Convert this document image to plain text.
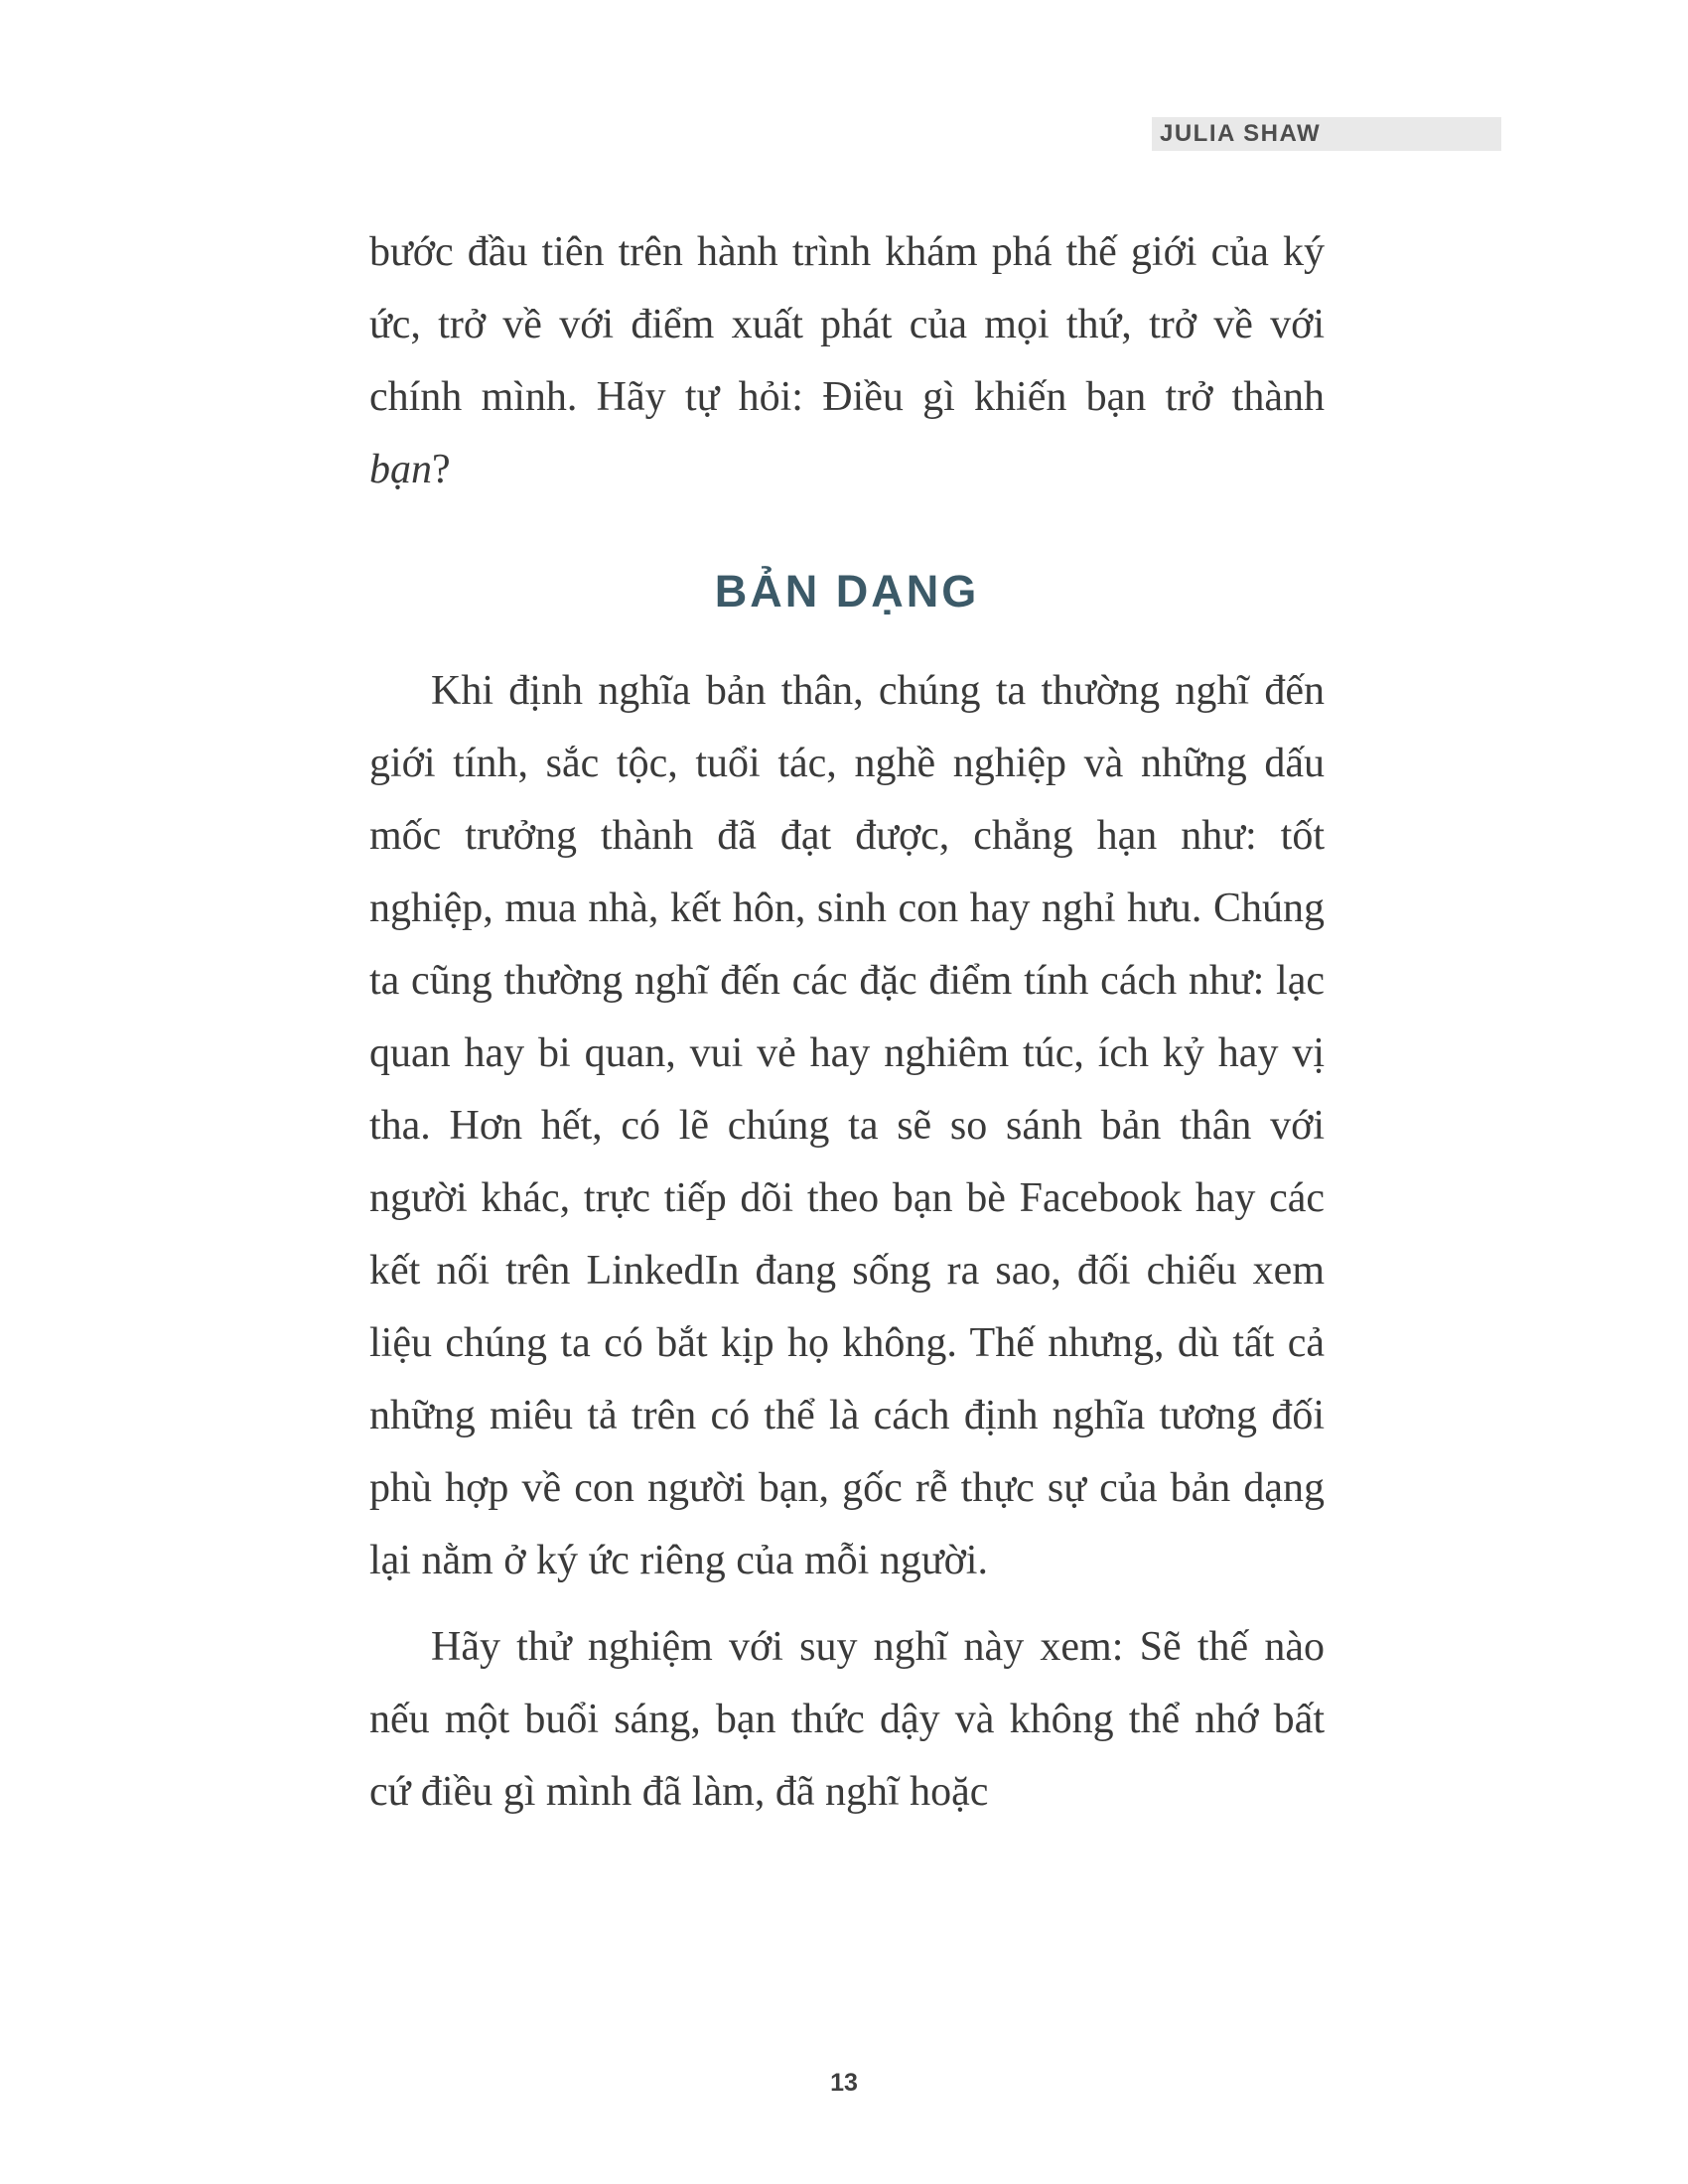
JULIA SHAW

bước đầu tiên trên hành trình khám phá thế giới của ký ức, trở về với điểm xuất phát của mọi thứ, trở về với chính mình. Hãy tự hỏi: Điều gì khiến bạn trở thành bạn?

BẢN DẠNG

Khi định nghĩa bản thân, chúng ta thường nghĩ đến giới tính, sắc tộc, tuổi tác, nghề nghiệp và những dấu mốc trưởng thành đã đạt được, chẳng hạn như: tốt nghiệp, mua nhà, kết hôn, sinh con hay nghỉ hưu. Chúng ta cũng thường nghĩ đến các đặc điểm tính cách như: lạc quan hay bi quan, vui vẻ hay nghiêm túc, ích kỷ hay vị tha. Hơn hết, có lẽ chúng ta sẽ so sánh bản thân với người khác, trực tiếp dõi theo bạn bè Facebook hay các kết nối trên LinkedIn đang sống ra sao, đối chiếu xem liệu chúng ta có bắt kịp họ không. Thế nhưng, dù tất cả những miêu tả trên có thể là cách định nghĩa tương đối phù hợp về con người bạn, gốc rễ thực sự của bản dạng lại nằm ở ký ức riêng của mỗi người.

Hãy thử nghiệm với suy nghĩ này xem: Sẽ thế nào nếu một buổi sáng, bạn thức dậy và không thể nhớ bất cứ điều gì mình đã làm, đã nghĩ hoặc

13
